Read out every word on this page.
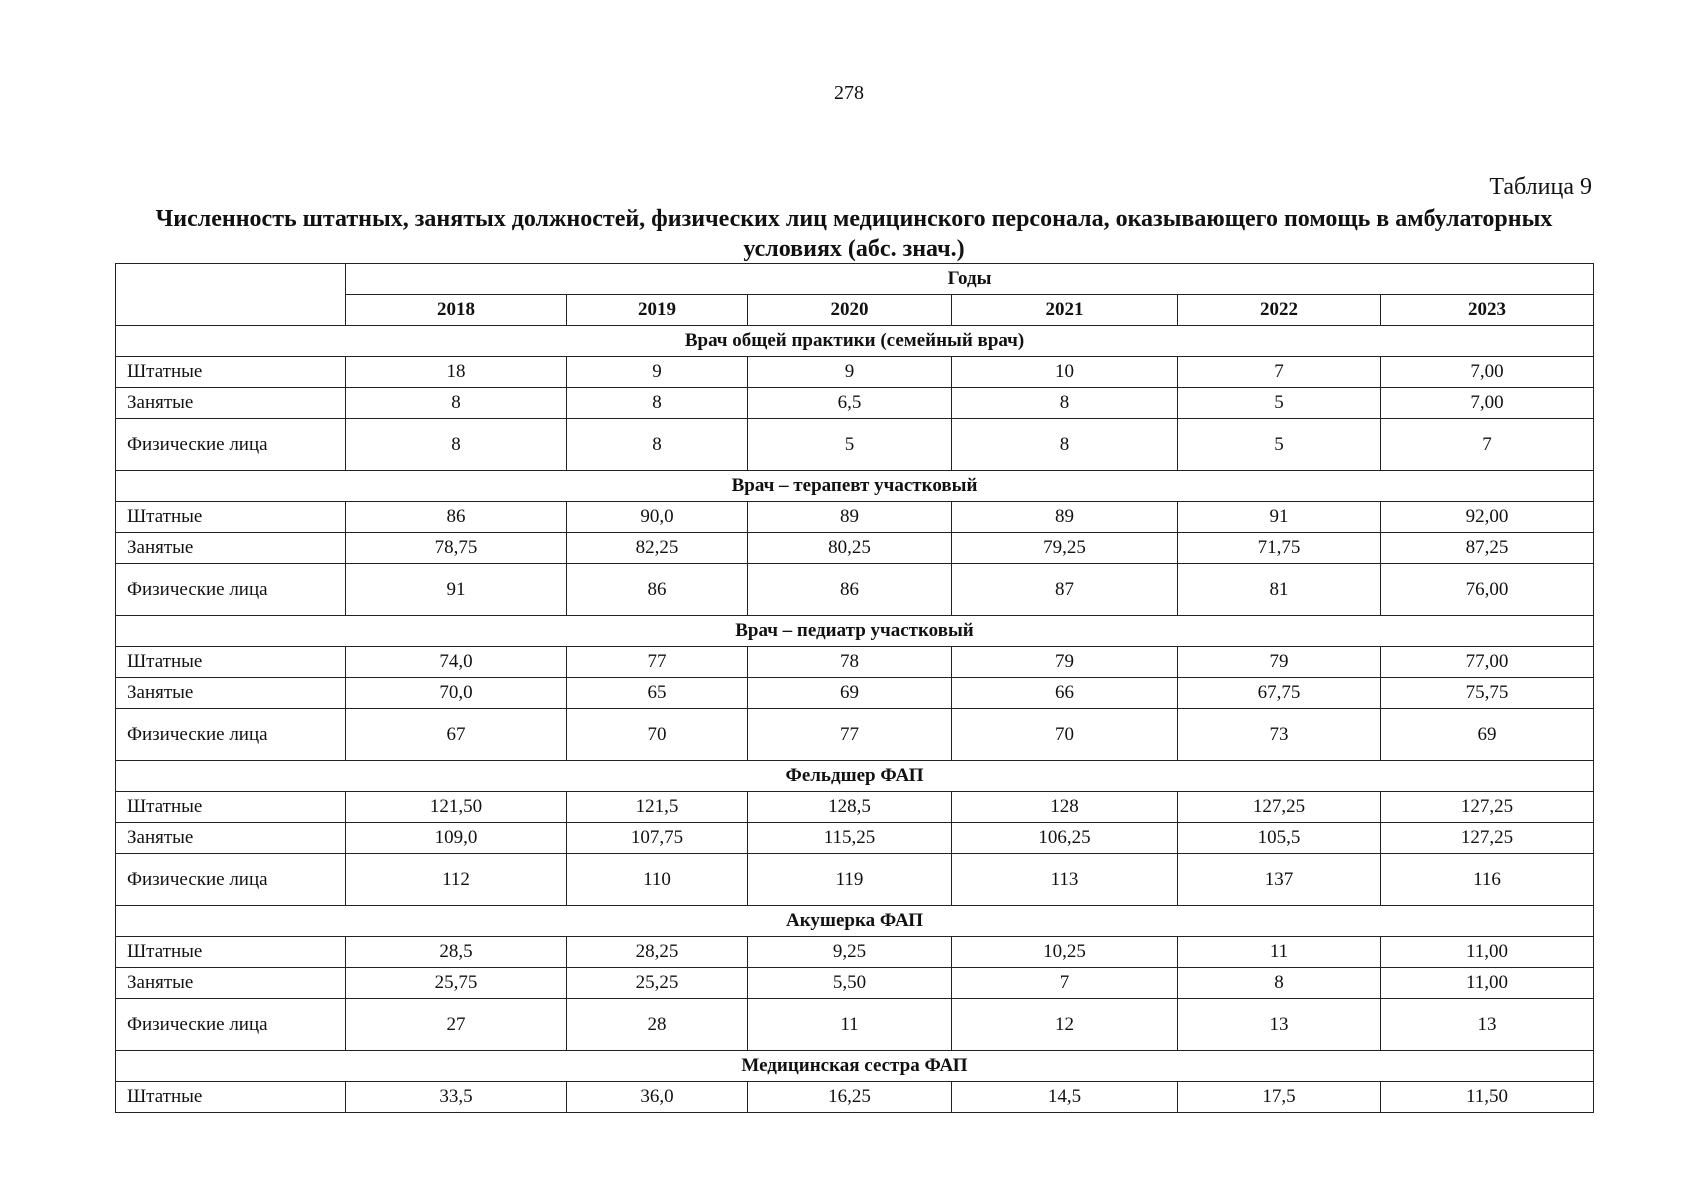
278
Таблица 9
Численность штатных, занятых должностей, физических лиц медицинского персонала, оказывающего помощь в амбулаторных
условиях (абс. знач.)
	Годы					
	2018	2019	2020	2021	2022	2023
Врач общей практики (семейный врач)						
Штатные	18	9	9	10	7	7,00
Занятые	8	8	6,5	8	5	7,00
Физические лица	8	8	5	8	5	7
Врач – терапевт участковый						
Штатные	86	90,0	89	89	91	92,00
Занятые	78,75	82,25	80,25	79,25	71,75	87,25
Физические лица	91	86	86	87	81	76,00
Врач – педиатр участковый						
Штатные	74,0	77	78	79	79	77,00
Занятые	70,0	65	69	66	67,75	75,75
Физические лица	67	70	77	70	73	69
Фельдшер ФАП						
Штатные	121,50	121,5	128,5	128	127,25	127,25
Занятые	109,0	107,75	115,25	106,25	105,5	127,25
Физические лица	112	110	119	113	137	116
Акушерка ФАП						
Штатные	28,5	28,25	9,25	10,25	11	11,00
Занятые	25,75	25,25	5,50	7	8	11,00
Физические лица	27	28	11	12	13	13
Медицинская сестра ФАП						
Штатные	33,5	36,0	16,25	14,5	17,5	11,50
